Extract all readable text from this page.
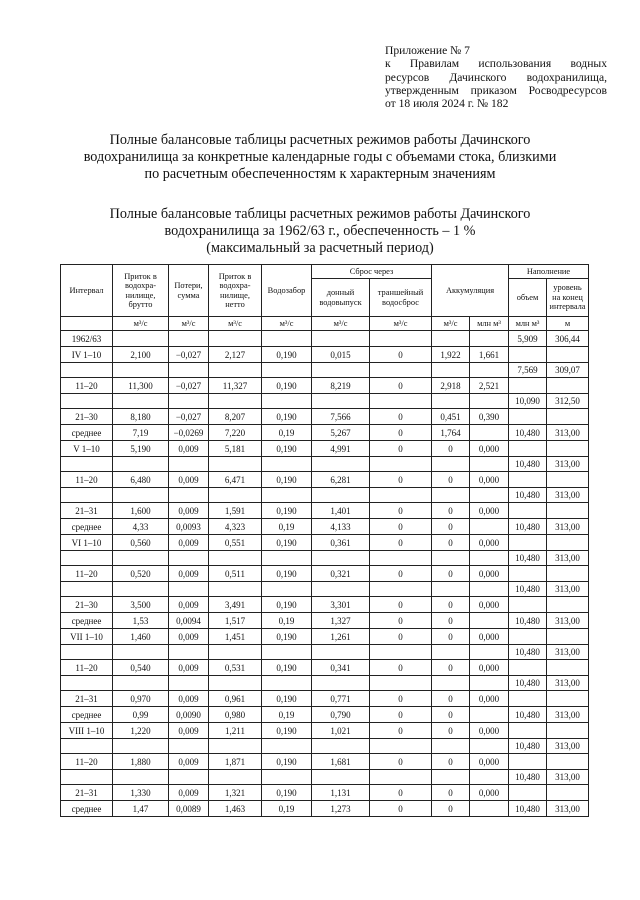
Приложение № 7
к Правилам использования водных
ресурсов Дачинского водохранилища,
утвержденным приказом Росводресурсов
от 18 июля 2024 г. № 182
Полные балансовые таблицы расчетных режимов работы Дачинского
водохранилища за конкретные календарные годы с объемами стока, близкими
по расчетным обеспеченностям к характерным значениям
Полные балансовые таблицы расчетных режимов работы Дачинского
водохранилища за 1962/63 г., обеспеченность – 1 %
(максимальный за расчетный период)
Интервал	Приток в водохра-нилище, брутто	Потери, сумма	Приток в водохра-нилище, нетто	Водозабор	Сброс через		Аккумуляция		Наполнение	
					донный водовыпуск	траншейный водосброс			объем	уровень на конец интервала
	м³/с	м³/с	м³/с	м³/с	м³/с	м³/с	м³/с	млн м³	млн м³	м
1962/63									5,909	306,44
IV 1–10	2,100	−0,027	2,127	0,190	0,015	0	1,922	1,661		
									7,569	309,07
11–20	11,300	−0,027	11,327	0,190	8,219	0	2,918	2,521		
									10,090	312,50
21–30	8,180	−0,027	8,207	0,190	7,566	0	0,451	0,390		
среднее	7,19	−0,0269	7,220	0,19	5,267	0	1,764		10,480	313,00
V 1–10	5,190	0,009	5,181	0,190	4,991	0	0	0,000		
									10,480	313,00
11–20	6,480	0,009	6,471	0,190	6,281	0	0	0,000		
									10,480	313,00
21–31	1,600	0,009	1,591	0,190	1,401	0	0	0,000		
среднее	4,33	0,0093	4,323	0,19	4,133	0	0		10,480	313,00
VI 1–10	0,560	0,009	0,551	0,190	0,361	0	0	0,000		
									10,480	313,00
11–20	0,520	0,009	0,511	0,190	0,321	0	0	0,000		
									10,480	313,00
21–30	3,500	0,009	3,491	0,190	3,301	0	0	0,000		
среднее	1,53	0,0094	1,517	0,19	1,327	0	0		10,480	313,00
VII 1–10	1,460	0,009	1,451	0,190	1,261	0	0	0,000		
									10,480	313,00
11–20	0,540	0,009	0,531	0,190	0,341	0	0	0,000		
									10,480	313,00
21–31	0,970	0,009	0,961	0,190	0,771	0	0	0,000		
среднее	0,99	0,0090	0,980	0,19	0,790	0	0		10,480	313,00
VIII 1–10	1,220	0,009	1,211	0,190	1,021	0	0	0,000		
									10,480	313,00
11–20	1,880	0,009	1,871	0,190	1,681	0	0	0,000		
									10,480	313,00
21–31	1,330	0,009	1,321	0,190	1,131	0	0	0,000		
среднее	1,47	0,0089	1,463	0,19	1,273	0	0		10,480	313,00
